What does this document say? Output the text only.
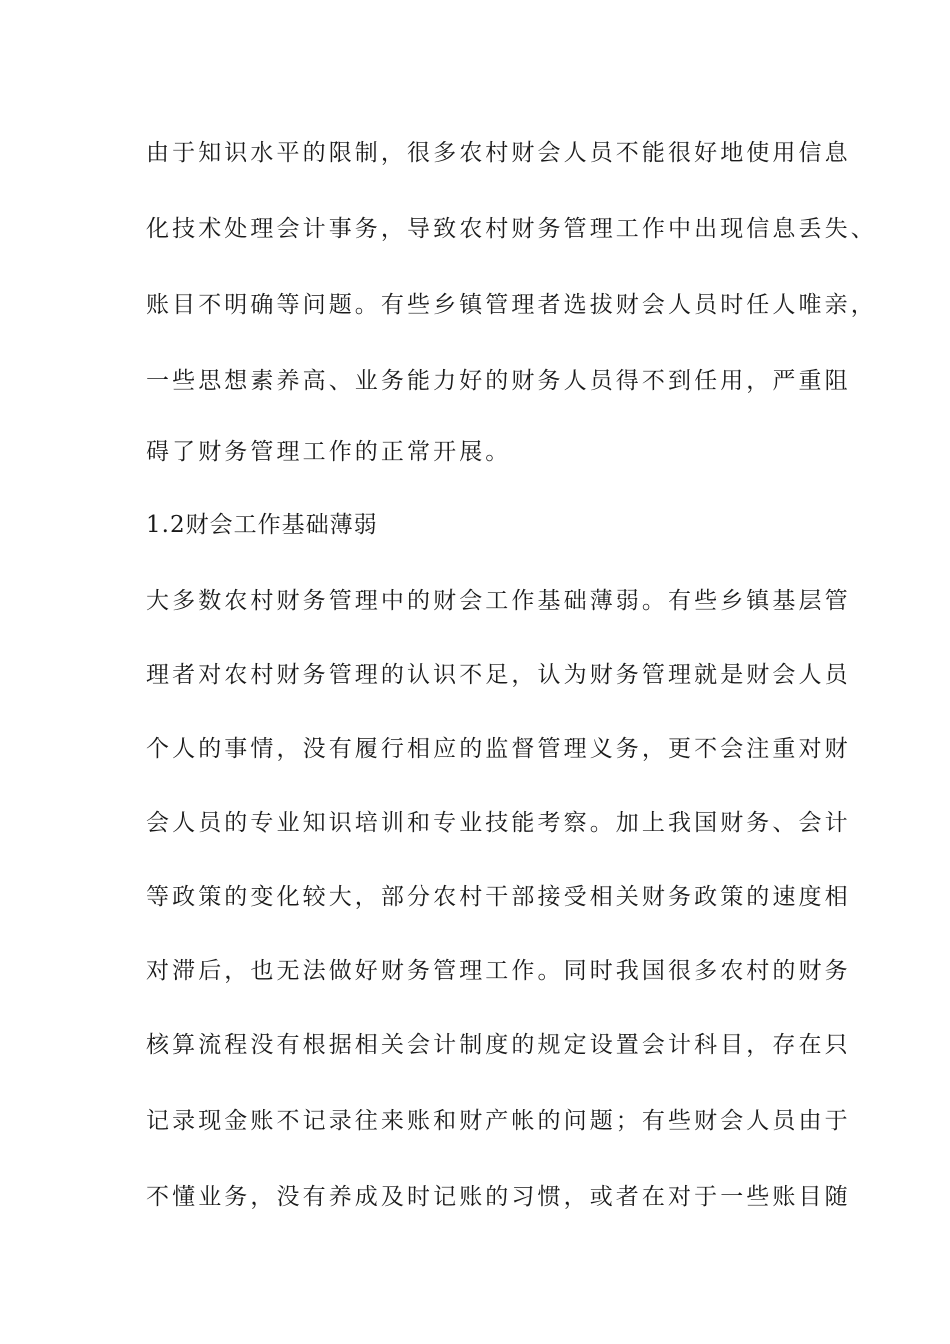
由于知识水平的限制，很多农村财会人员不能很好地使用信息
化技术处理会计事务，导致农村财务管理工作中出现信息丢失、
账目不明确等问题。有些乡镇管理者选拔财会人员时任人唯亲，
一些思想素养高、业务能力好的财务人员得不到任用，严重阻
碍了财务管理工作的正常开展。
1.2财会工作基础薄弱
大多数农村财务管理中的财会工作基础薄弱。有些乡镇基层管
理者对农村财务管理的认识不足，认为财务管理就是财会人员
个人的事情，没有履行相应的监督管理义务，更不会注重对财
会人员的专业知识培训和专业技能考察。加上我国财务、会计
等政策的变化较大，部分农村干部接受相关财务政策的速度相
对滞后，也无法做好财务管理工作。同时我国很多农村的财务
核算流程没有根据相关会计制度的规定设置会计科目，存在只
记录现金账不记录往来账和财产帐的问题；有些财会人员由于
不懂业务，没有养成及时记账的习惯，或者在对于一些账目随
